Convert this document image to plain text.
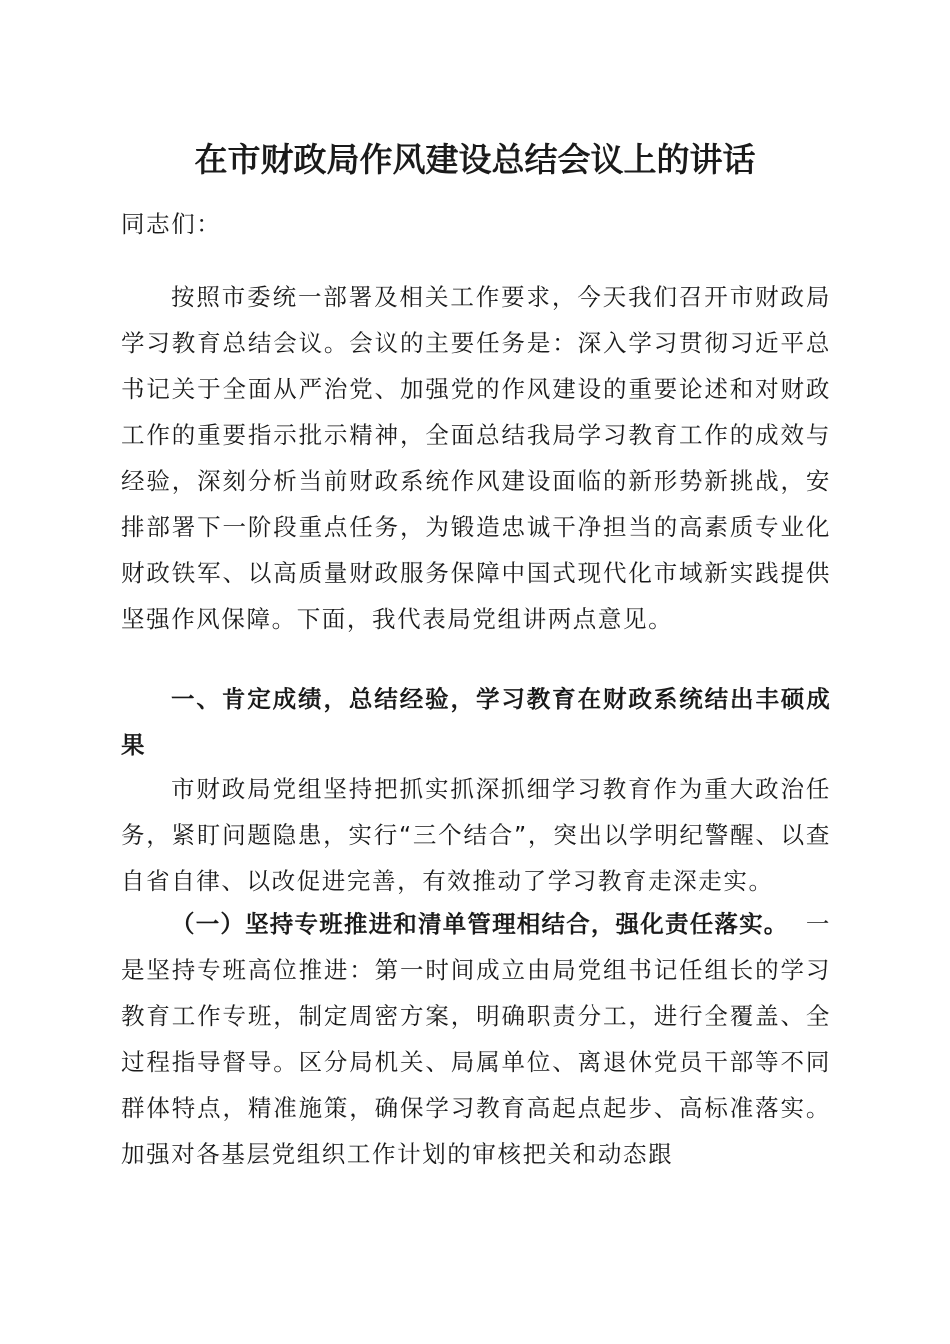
在市财政局作风建设总结会议上的讲话

同志们：

按照市委统一部署及相关工作要求，今天我们召开市财政局学习教育总结会议。会议的主要任务是：深入学习贯彻习近平总书记关于全面从严治党、加强党的作风建设的重要论述和对财政工作的重要指示批示精神，全面总结我局学习教育工作的成效与经验，深刻分析当前财政系统作风建设面临的新形势新挑战，安排部署下一阶段重点任务，为锻造忠诚干净担当的高素质专业化财政铁军、以高质量财政服务保障中国式现代化市域新实践提供坚强作风保障。下面，我代表局党组讲两点意见。

一、肯定成绩，总结经验，学习教育在财政系统结出丰硕成果

市财政局党组坚持把抓实抓深抓细学习教育作为重大政治任务，紧盯问题隐患，实行“三个结合”，突出以学明纪警醒、以查自省自律、以改促进完善，有效推动了学习教育走深走实。

（一）坚持专班推进和清单管理相结合，强化责任落实。一是坚持专班高位推进：第一时间成立由局党组书记任组长的学习教育工作专班，制定周密方案，明确职责分工，进行全覆盖、全过程指导督导。区分局机关、局属单位、离退休党员干部等不同群体特点，精准施策，确保学习教育高起点起步、高标准落实。加强对各基层党组织工作计划的审核把关和动态跟
